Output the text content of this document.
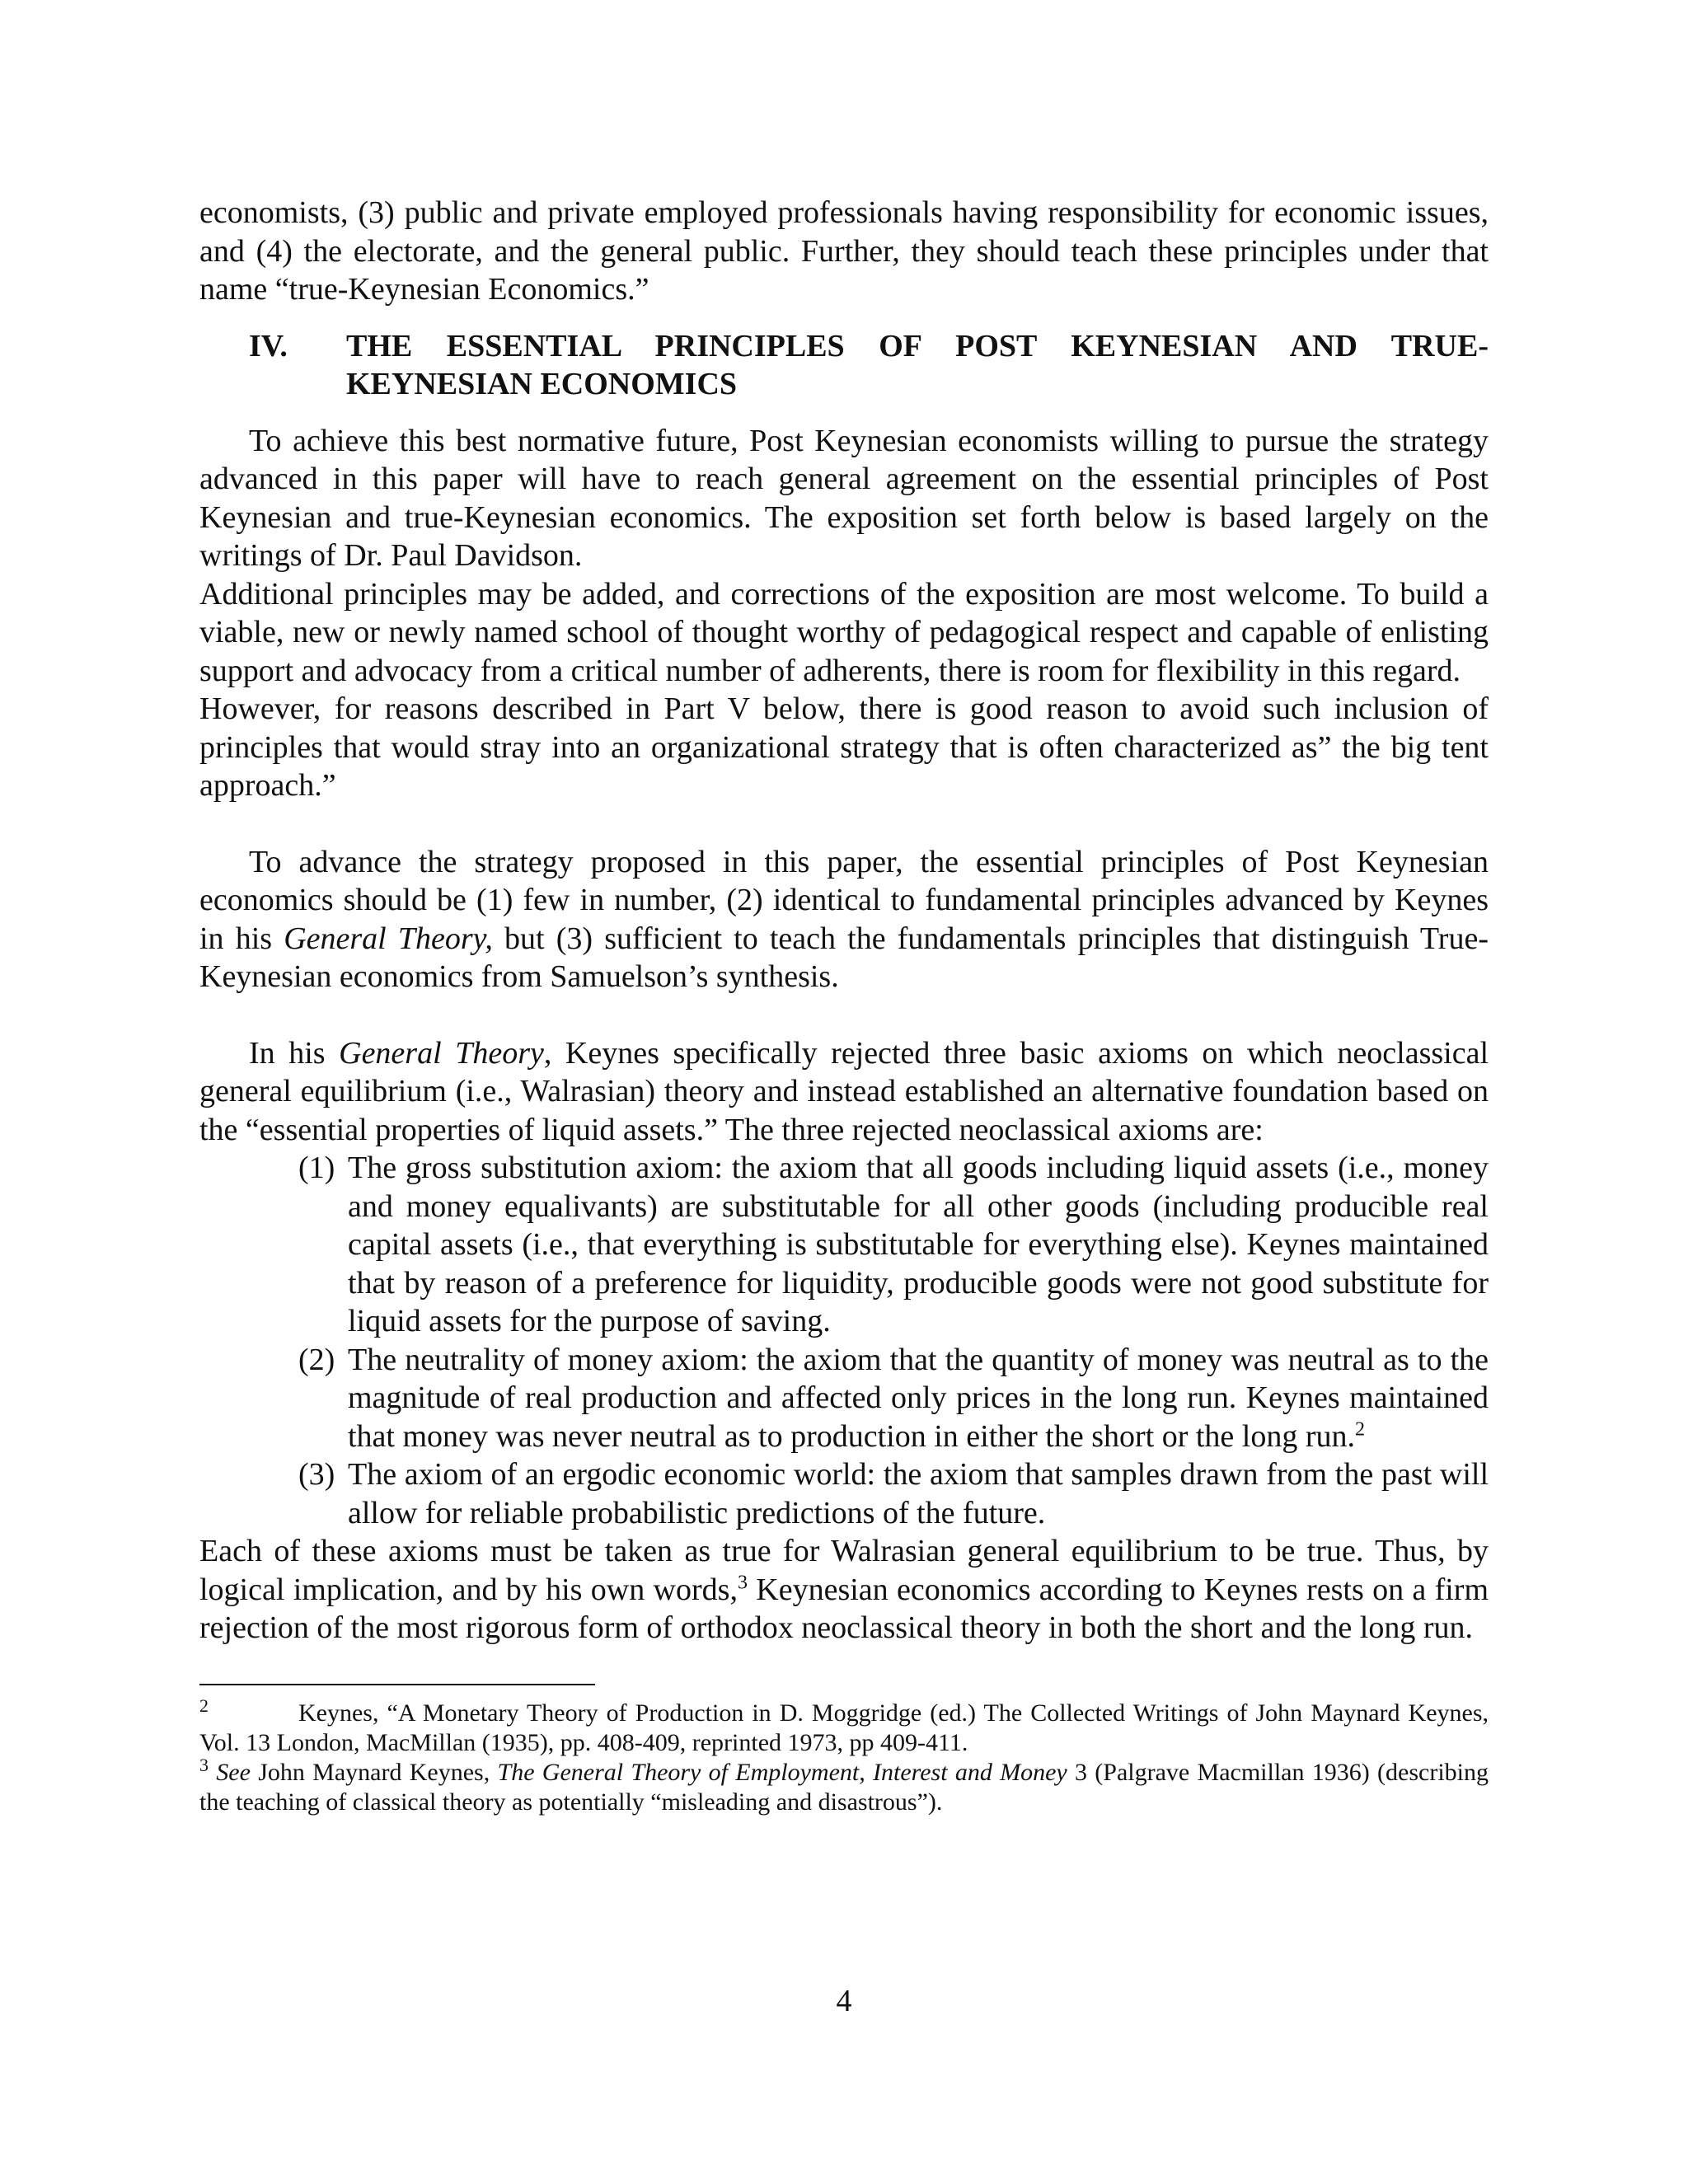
economists, (3) public and private employed professionals having responsibility for economic issues, and (4) the electorate, and the general public. Further, they should teach these principles under that name “true-Keynesian Economics.”

IV.	THE ESSENTIAL PRINCIPLES OF POST KEYNESIAN AND TRUE-
KEYNESIAN ECONOMICS

To achieve this best normative future, Post Keynesian economists willing to pursue the strategy advanced in this paper will have to reach general agreement on the essential principles of Post Keynesian and true-Keynesian economics. The exposition set forth below is based largely on the writings of Dr. Paul Davidson.

Additional principles may be added, and corrections of the exposition are most welcome. To build a viable, new or newly named school of thought worthy of pedagogical respect and capable of enlisting support and advocacy from a critical number of adherents, there is room for flexibility in this regard.

However, for reasons described in Part V below, there is good reason to avoid such inclusion of principles that would stray into an organizational strategy that is often characterized as” the big tent approach.”

To advance the strategy proposed in this paper, the essential principles of Post Keynesian economics should be (1) few in number, (2) identical to fundamental principles advanced by Keynes in his General Theory, but (3) sufficient to teach the fundamentals principles that distinguish True-Keynesian economics from Samuelson’s synthesis.

In his General Theory, Keynes specifically rejected three basic axioms on which neoclassical general equilibrium (i.e., Walrasian) theory and instead established an alternative foundation based on the “essential properties of liquid assets.” The three rejected neoclassical axioms are:

(1) The gross substitution axiom: the axiom that all goods including liquid assets (i.e., money and money equalivants) are substitutable for all other goods (including producible real capital assets (i.e., that everything is substitutable for everything else). Keynes maintained that by reason of a preference for liquidity, producible goods were not good substitute for liquid assets for the purpose of saving.
(2) The neutrality of money axiom: the axiom that the quantity of money was neutral as to the magnitude of real production and affected only prices in the long run. Keynes maintained that money was never neutral as to production in either the short or the long run.$^2$
(3) The axiom of an ergodic economic world: the axiom that samples drawn from the past will allow for reliable probabilistic predictions of the future.

Each of these axioms must be taken as true for Walrasian general equilibrium to be true. Thus, by logical implication, and by his own words,$^3$ Keynesian economics according to Keynes rests on a firm rejection of the most rigorous form of orthodox neoclassical theory in both the short and the long run.

2	Keynes, “A Monetary Theory of Production in D. Moggridge (ed.) The Collected Writings of John Maynard Keynes, Vol. 13 London, MacMillan (1935), pp. 408-409, reprinted 1973, pp 409-411.

$^3$ See John Maynard Keynes, The General Theory of Employment, Interest and Money 3 (Palgrave Macmillan 1936) (describing the teaching of classical theory as potentially “misleading and disastrous”).

4
